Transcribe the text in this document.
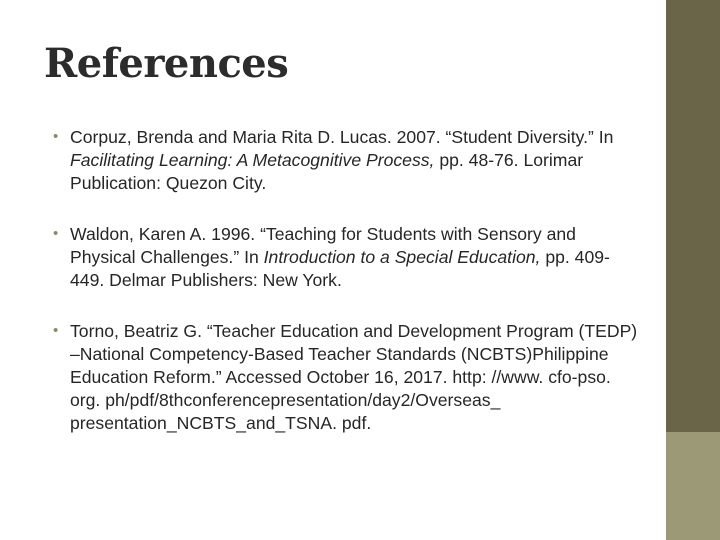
References
• Corpuz, Brenda and Maria Rita D. Lucas. 2007. “Student Diversity.” In Facilitating Learning: A Metacognitive Process, pp. 48-76. Lorimar Publication: Quezon City.
• Waldon, Karen A. 1996. “Teaching for Students with Sensory and Physical Challenges.” In Introduction to a Special Education, pp. 409-449. Delmar Publishers: New York.
• Torno, Beatriz G. “Teacher Education and Development Program (TEDP) –National Competency-Based Teacher Standards (NCBTS)Philippine Education Reform.” Accessed October 16, 2017. http: //www. cfo-pso. org. ph/pdf/8thconferencepresentation/day2/Overseas_ presentation_NCBTS_and_TSNA. pdf.
